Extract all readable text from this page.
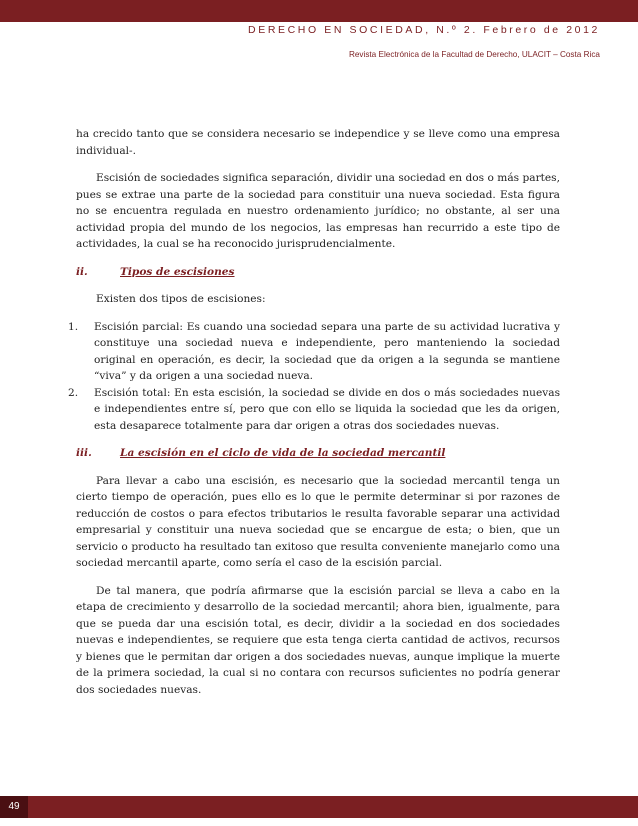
DERECHO EN SOCIEDAD, N.º 2. Febrero de 2012
Revista Electrónica de la Facultad de Derecho, ULACIT – Costa Rica

ha crecido tanto que se considera necesario se independice y se lleve como una empresa individual-.

Escisión de sociedades significa separación, dividir una sociedad en dos o más partes, pues se extrae una parte de la sociedad para constituir una nueva sociedad. Esta figura no se encuentra regulada en nuestro ordenamiento jurídico; no obstante, al ser una actividad propia del mundo de los negocios, las empresas han recurrido a este tipo de actividades, la cual se ha reconocido jurisprudencialmente.

ii.	Tipos de escisiones

Existen dos tipos de escisiones:

1. Escisión parcial: Es cuando una sociedad separa una parte de su actividad lucrativa y constituye una sociedad nueva e independiente, pero manteniendo la sociedad original en operación, es decir, la sociedad que da origen a la segunda se mantiene “viva” y da origen a una sociedad nueva.
2. Escisión total: En esta escisión, la sociedad se divide en dos o más sociedades nuevas e independientes entre sí, pero que con ello se liquida la sociedad que les da origen, esta desaparece totalmente para dar origen a otras dos sociedades nuevas.

iii.	La escisión en el ciclo de vida de la sociedad mercantil

Para llevar a cabo una escisión, es necesario que la sociedad mercantil tenga un cierto tiempo de operación, pues ello es lo que le permite determinar si por razones de reducción de costos o para efectos tributarios le resulta favorable separar una actividad empresarial y constituir una nueva sociedad que se encargue de esta; o bien, que un servicio o producto ha resultado tan exitoso que resulta conveniente manejarlo como una sociedad mercantil aparte, como sería el caso de la escisión parcial.

De tal manera, que podría afirmarse que la escisión parcial se lleva a cabo en la etapa de crecimiento y desarrollo de la sociedad mercantil; ahora bien, igualmente, para que se pueda dar una escisión total, es decir, dividir a la sociedad en dos sociedades nuevas e independientes, se requiere que esta tenga cierta cantidad de activos, recursos y bienes que le permitan dar origen a dos sociedades nuevas, aunque implique la muerte de la primera sociedad, la cual si no contara con recursos suficientes no podría generar dos sociedades nuevas.

49
